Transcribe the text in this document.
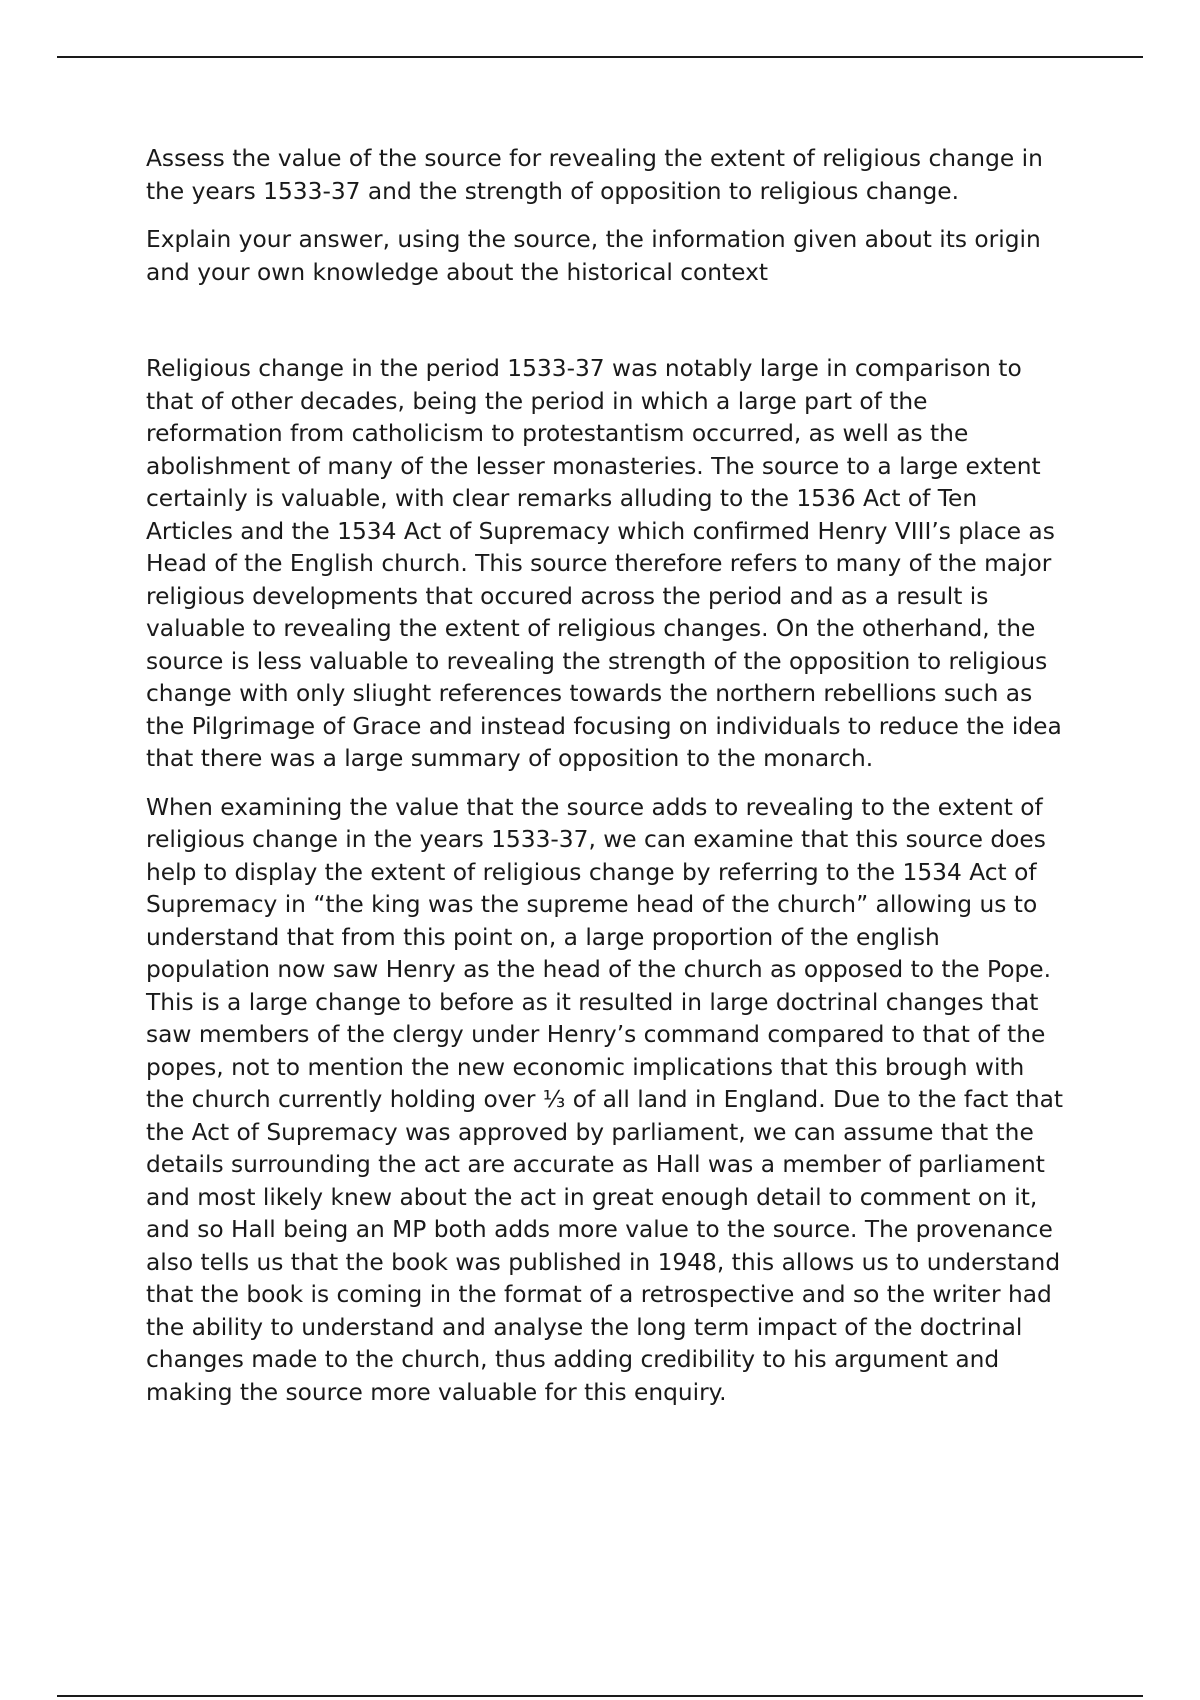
Assess the value of the source for revealing the extent of religious change in the years 1533-37 and the strength of opposition to religious change.

Explain your answer, using the source, the information given about its origin and your own knowledge about the historical context

Religious change in the period 1533-37 was notably large in comparison to that of other decades, being the period in which a large part of the reformation from catholicism to protestantism occurred, as well as the abolishment of many of the lesser monasteries. The source to a large extent certainly is valuable, with clear remarks alluding to the 1536 Act of Ten Articles and the 1534 Act of Supremacy which confirmed Henry VIII’s place as Head of the English church. This source therefore refers to many of the major religious developments that occured across the period and as a result is valuable to revealing the extent of religious changes. On the otherhand, the source is less valuable to revealing the strength of the opposition to religious change with only sliught references towards the northern rebellions such as the Pilgrimage of Grace and instead focusing on individuals to reduce the idea that there was a large summary of opposition to the monarch.

When examining the value that the source adds to revealing to the extent of religious change in the years 1533-37, we can examine that this source does help to display the extent of religious change by referring to the 1534 Act of Supremacy in “the king was the supreme head of the church” allowing us to understand that from this point on, a large proportion of the english population now saw Henry as the head of the church as opposed to the Pope. This is a large change to before as it resulted in large doctrinal changes that saw members of the clergy under Henry’s command compared to that of the popes, not to mention the new economic implications that this brough with the church currently holding over ⅓ of all land in England. Due to the fact that the Act of Supremacy was approved by parliament, we can assume that the details surrounding the act are accurate as Hall was a member of parliament and most likely knew about the act in great enough detail to comment on it, and so Hall being an MP both adds more value to the source. The provenance also tells us that the book was published in 1948, this allows us to understand that the book is coming in the format of a retrospective and so the writer had the ability to understand and analyse the long term impact of the doctrinal changes made to the church, thus adding credibility to his argument and making the source more valuable for this enquiry.
